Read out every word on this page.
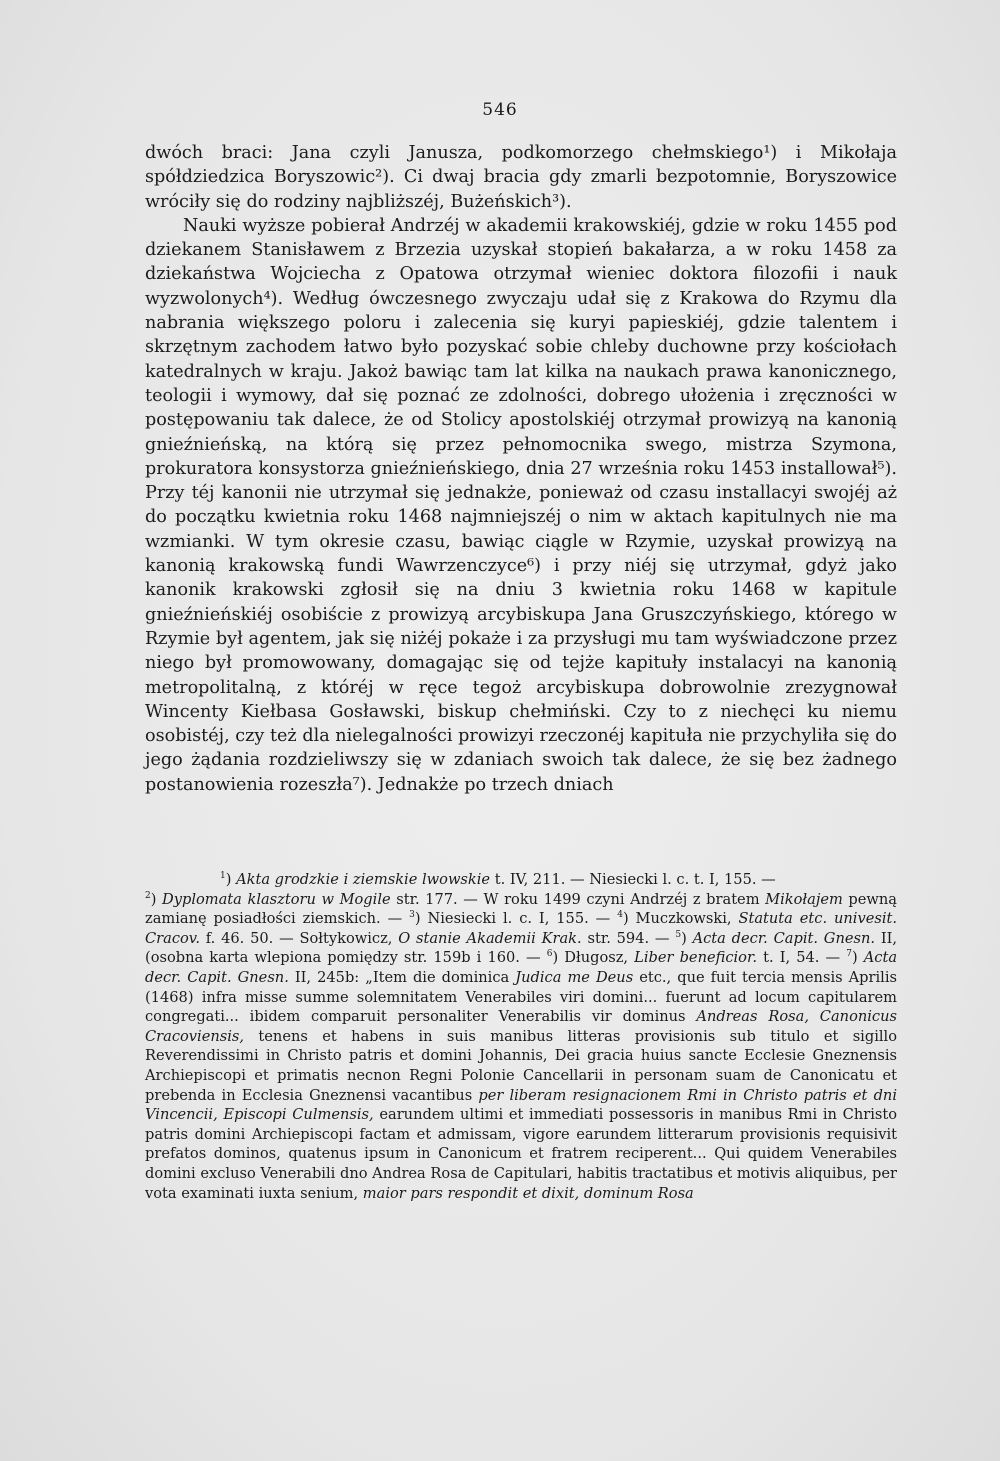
546

dwóch braci: Jana czyli Janusza, podkomorzego chełmskiego¹) i Mikołaja spółdziedzica Boryszowic²). Ci dwaj bracia gdy zmarli bezpotomnie, Boryszowice wróciły się do rodziny najbliższéj, Bużeńskich³).

Nauki wyższe pobierał Andrzéj w akademii krakowskiéj, gdzie w roku 1455 pod dziekanem Stanisławem z Brzezia uzyskał stopień bakałarza, a w roku 1458 za dziekaństwa Wojciecha z Opatowa otrzymał wieniec doktora filozofii i nauk wyzwolonych⁴). Według ówczesnego zwyczaju udał się z Krakowa do Rzymu dla nabrania większego poloru i zalecenia się kuryi papieskiéj, gdzie talentem i skrzętnym zachodem łatwo było pozyskać sobie chleby duchowne przy kościołach katedralnych w kraju. Jakoż bawiąc tam lat kilka na naukach prawa kanonicznego, teologii i wymowy, dał się poznać ze zdolności, dobrego ułożenia i zręczności w postępowaniu tak dalece, że od Stolicy apostolskiéj otrzymał prowizyą na kanonią gnieźnieńską, na którą się przez pełnomocnika swego, mistrza Szymona, prokuratora konsystorza gnieźnieńskiego, dnia 27 września roku 1453 installował⁵). Przy téj kanonii nie utrzymał się jednakże, ponieważ od czasu installacyi swojéj aż do początku kwietnia roku 1468 najmniejszéj o nim w aktach kapitulnych nie ma wzmianki. W tym okresie czasu, bawiąc ciągle w Rzymie, uzyskał prowizyą na kanonią krakowską fundi Wawrzenczyce⁶) i przy niéj się utrzymał, gdyż jako kanonik krakowski zgłosił się na dniu 3 kwietnia roku 1468 w kapitule gnieźnieńskiéj osobiście z prowizyą arcybiskupa Jana Gruszczyńskiego, którego w Rzymie był agentem, jak się niżéj pokaże i za przysługi mu tam wyświadczone przez niego był promowowany, domagając się od tejże kapituły instalacyi na kanonią metropolitalną, z któréj w ręce tegoż arcybiskupa dobrowolnie zrezygnował Wincenty Kiełbasa Gosławski, biskup chełmiński. Czy to z niechęci ku niemu osobistéj, czy też dla nielegalności prowizyi rzeczonéj kapituła nie przychyliła się do jego żądania rozdzieliwszy się w zdaniach swoich tak dalece, że się bez żadnego postanowienia rozeszła⁷). Jednakże po trzech dniach

$^1$) Akta grodzkie i ziemskie lwowskie t. IV, 211. — Niesiecki l. c. t. I, 155. —
$^2$) Dyplomata klasztoru w Mogile str. 177. — W roku 1499 czyni Andrzéj z bratem Mikołajem pewną zamianę posiadłości ziemskich. — $^3$) Niesiecki l. c. I, 155. — $^4$) Muczkowski, Statuta etc. univesit. Cracov. f. 46. 50. — Sołtykowicz, O stanie Akademii Krak. str. 594. — $^5$) Acta decr. Capit. Gnesn. II, (osobna karta wlepiona pomiędzy str. 159b i 160. — $^6$) Długosz, Liber beneficior. t. I, 54. — $^7$) Acta decr. Capit. Gnesn. II, 245b: „Item die dominica Judica me Deus etc., que fuit tercia mensis Aprilis (1468) infra misse summe solemnitatem Venerabiles viri domini... fuerunt ad locum capitularem congregati... ibidem comparuit personaliter Venerabilis vir dominus Andreas Rosa, Canonicus Cracoviensis, tenens et habens in suis manibus litteras provisionis sub titulo et sigillo Reverendissimi in Christo patris et domini Johannis, Dei gracia huius sancte Ecclesie Gneznensis Archiepiscopi et primatis necnon Regni Polonie Cancellarii in personam suam de Canonicatu et prebenda in Ecclesia Gneznensi vacantibus per liberam resignacionem Rmi in Christo patris et dni Vincencii, Episcopi Culmensis, earundem ultimi et immediati possessoris in manibus Rmi in Christo patris domini Archiepiscopi factam et admissam, vigore earundem litterarum provisionis requisivit prefatos dominos, quatenus ipsum in Canonicum et fratrem reciperent... Qui quidem Venerabiles domini excluso Venerabili dno Andrea Rosa de Capitulari, habitis tractatibus et motivis aliquibus, per vota examinati iuxta senium, maior pars respondit et dixit, dominum Rosa
